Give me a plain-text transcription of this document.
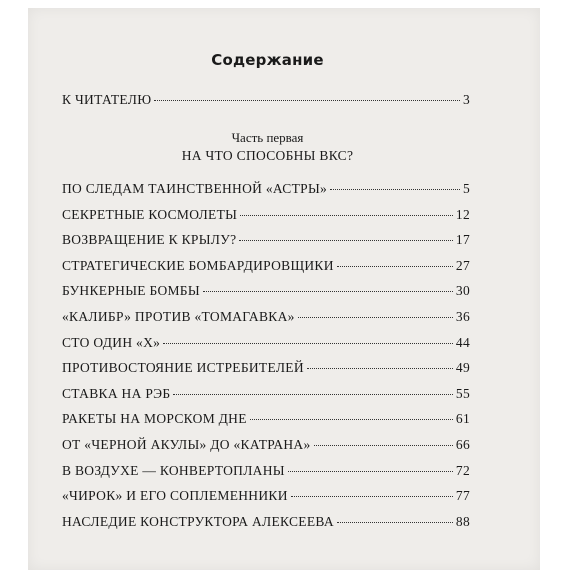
Содержание
К ЧИТАТЕЛЮ	3
Часть первая
НА ЧТО СПОСОБНЫ ВКС?
ПО СЛЕДАМ ТАИНСТВЕННОЙ «АСТРЫ»	5
СЕКРЕТНЫЕ КОСМОЛЕТЫ	12
ВОЗВРАЩЕНИЕ К КРЫЛУ?	17
СТРАТЕГИЧЕСКИЕ БОМБАРДИРОВЩИКИ	27
БУНКЕРНЫЕ БОМБЫ	30
«КАЛИБР» ПРОТИВ «ТОМАГАВКА»	36
СТО ОДИН «Х»	44
ПРОТИВОСТОЯНИЕ ИСТРЕБИТЕЛЕЙ	49
СТАВКА НА РЭБ	55
РАКЕТЫ НА МОРСКОМ ДНЕ	61
ОТ «ЧЕРНОЙ АКУЛЫ» ДО «КАТРАНА»	66
В ВОЗДУХЕ — КОНВЕРТОПЛАНЫ	72
«ЧИРОК» И ЕГО СОПЛЕМЕННИКИ	77
НАСЛЕДИЕ КОНСТРУКТОРА АЛЕКСЕЕВА	88
